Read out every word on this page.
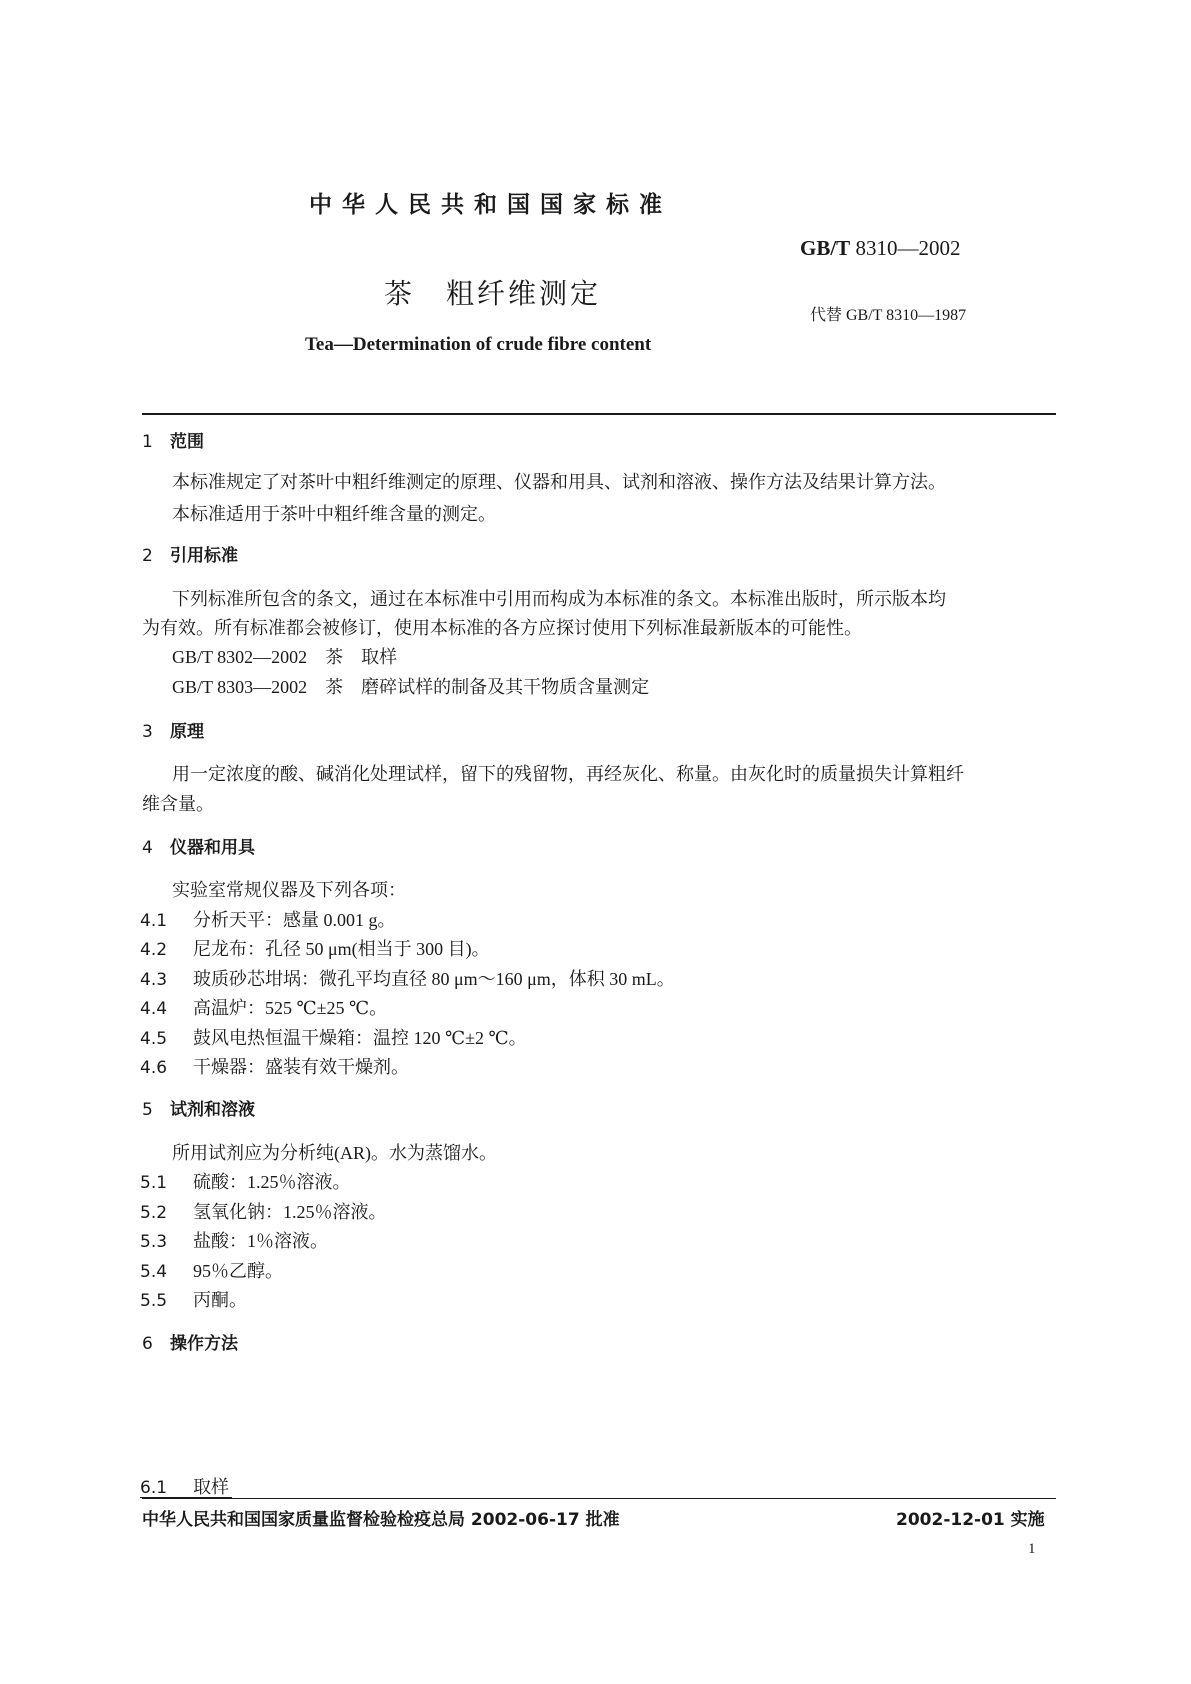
中华人民共和国国家标准
GB/T 8310—2002
茶　粗纤维测定
代替 GB/T 8310—1987
Tea—Determination of crude fibre content
1 范围
本标准规定了对茶叶中粗纤维测定的原理、仪器和用具、试剂和溶液、操作方法及结果计算方法。
本标准适用于茶叶中粗纤维含量的测定。
2 引用标准
下列标准所包含的条文，通过在本标准中引用而构成为本标准的条文。本标准出版时，所示版本均
为有效。所有标准都会被修订，使用本标准的各方应探讨使用下列标准最新版本的可能性。
GB/T 8302—2002　茶　取样
GB/T 8303—2002　茶　磨碎试样的制备及其干物质含量测定
3 原理
用一定浓度的酸、碱消化处理试样，留下的残留物，再经灰化、称量。由灰化时的质量损失计算粗纤
维含量。
4 仪器和用具
实验室常规仪器及下列各项：
4.1 分析天平：感量 0.001 g。
4.2 尼龙布：孔径 50 μm(相当于 300 目)。
4.3 玻质砂芯坩埚：微孔平均直径 80 μm～160 μm，体积 30 mL。
4.4 高温炉：525 ℃±25 ℃。
4.5 鼓风电热恒温干燥箱：温控 120 ℃±2 ℃。
4.6 干燥器：盛装有效干燥剂。
5 试剂和溶液
所用试剂应为分析纯(AR)。水为蒸馏水。
5.1 硫酸：1.25％溶液。
5.2 氢氧化钠：1.25％溶液。
5.3 盐酸：1％溶液。
5.4 95％乙醇。
5.5 丙酮。
6 操作方法
6.1 取样
中华人民共和国国家质量监督检验检疫总局 2002-06-17 批准	2002-12-01 实施
1
